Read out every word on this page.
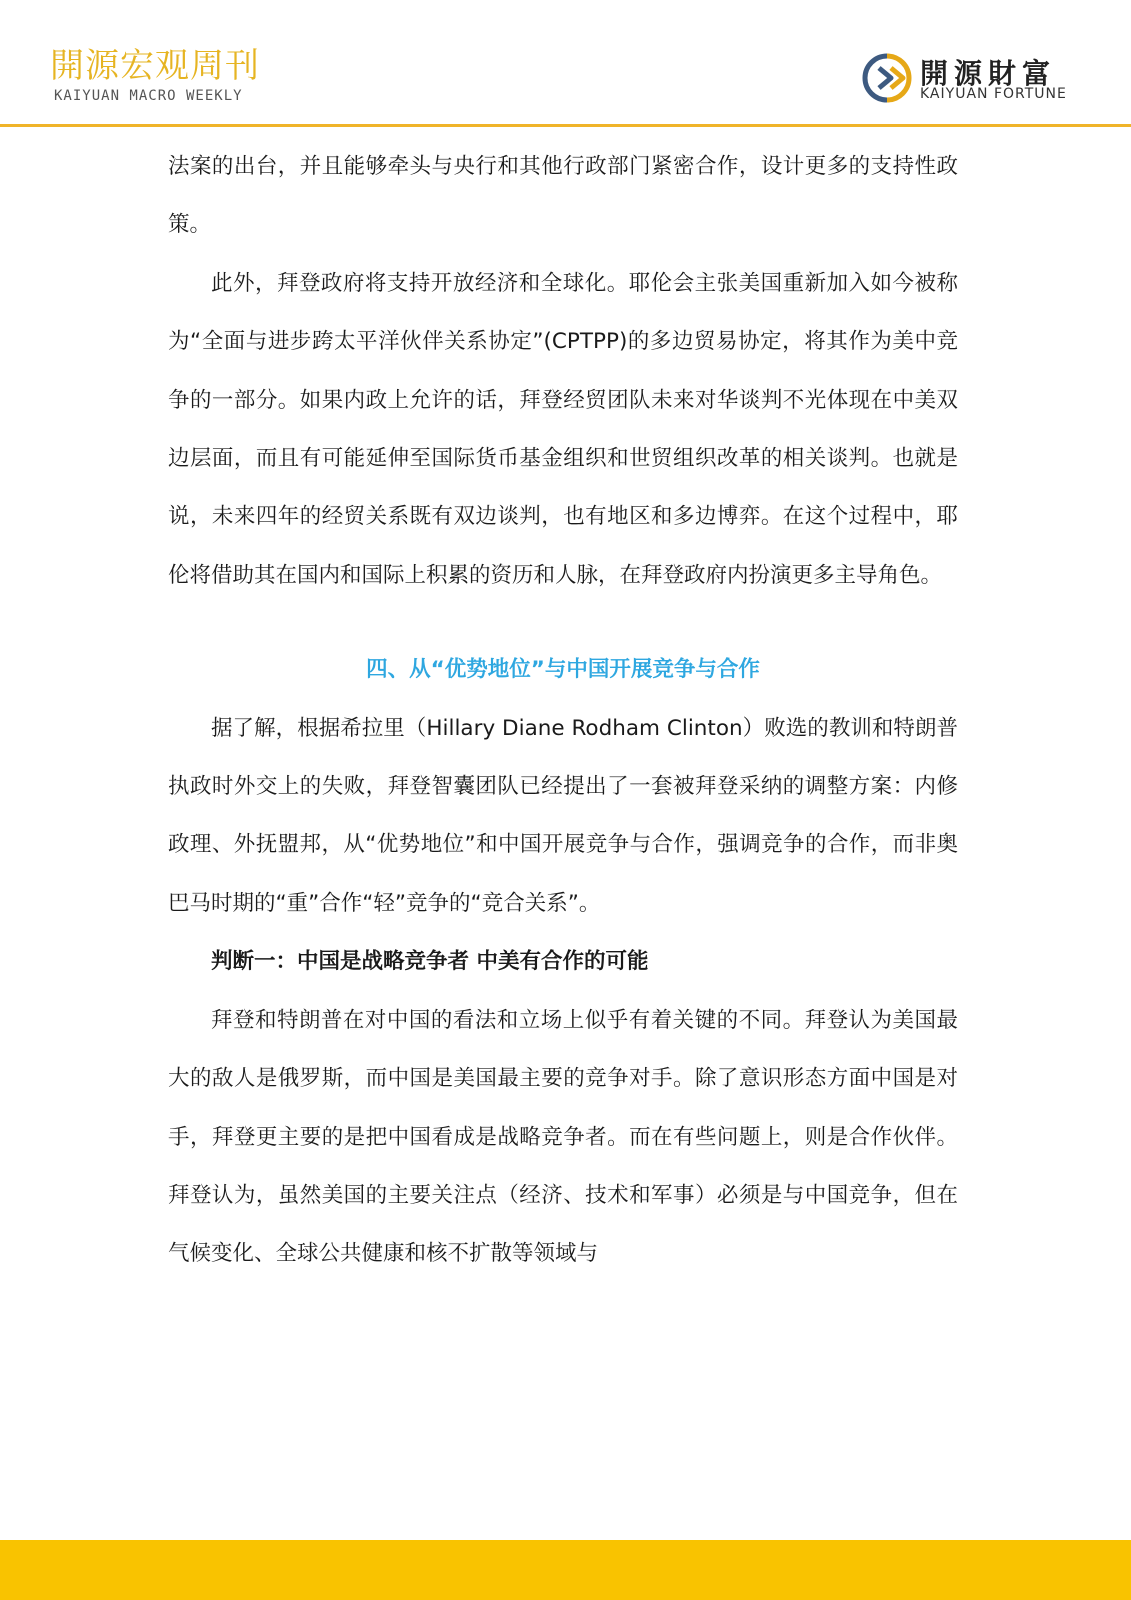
開源宏观周刊
KAIYUAN MACRO WEEKLY
開源財富
KAIYUAN FORTUNE

法案的出台，并且能够牵头与央行和其他行政部门紧密合作，设计更多的支持性政策。

此外，拜登政府将支持开放经济和全球化。耶伦会主张美国重新加入如今被称为“全面与进步跨太平洋伙伴关系协定”(CPTPP)的多边贸易协定，将其作为美中竞争的一部分。如果内政上允许的话，拜登经贸团队未来对华谈判不光体现在中美双边层面，而且有可能延伸至国际货币基金组织和世贸组织改革的相关谈判。也就是说，未来四年的经贸关系既有双边谈判，也有地区和多边博弈。在这个过程中，耶伦将借助其在国内和国际上积累的资历和人脉，在拜登政府内扮演更多主导角色。

四、从“优势地位”与中国开展竞争与合作

据了解，根据希拉里（Hillary Diane Rodham Clinton）败选的教训和特朗普执政时外交上的失败，拜登智囊团队已经提出了一套被拜登采纳的调整方案：内修政理、外抚盟邦，从“优势地位”和中国开展竞争与合作，强调竞争的合作，而非奥巴马时期的“重”合作“轻”竞争的“竞合关系”。

判断一：中国是战略竞争者 中美有合作的可能

拜登和特朗普在对中国的看法和立场上似乎有着关键的不同。拜登认为美国最大的敌人是俄罗斯，而中国是美国最主要的竞争对手。除了意识形态方面中国是对手，拜登更主要的是把中国看成是战略竞争者。而在有些问题上，则是合作伙伴。拜登认为，虽然美国的主要关注点（经济、技术和军事）必须是与中国竞争，但在气候变化、全球公共健康和核不扩散等领域与
